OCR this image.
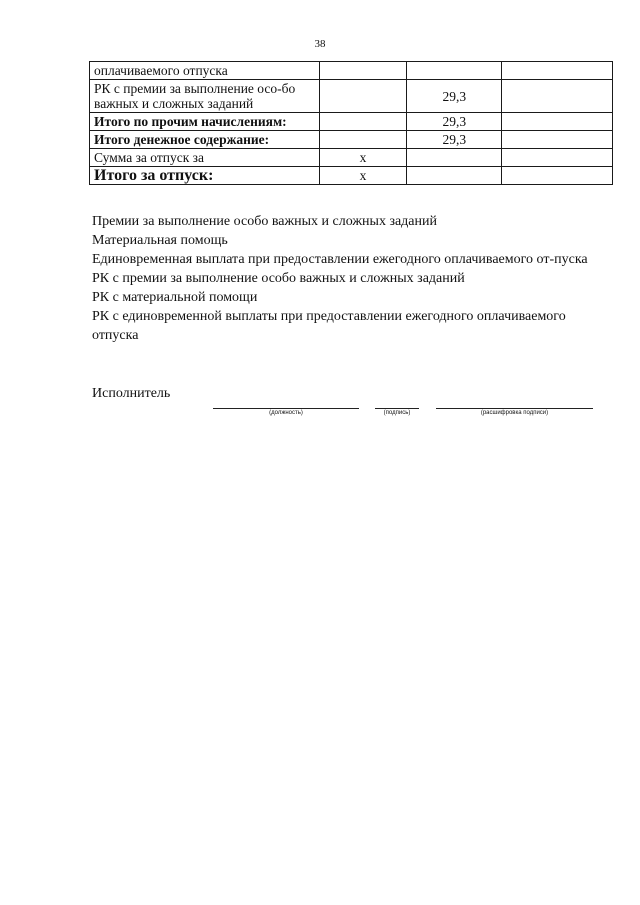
38
оплачиваемого отпуска			
РК с премии за выполнение осо-бо важных и сложных заданий		29,3	
Итого по прочим начислениям:		29,3	
Итого денежное содержание:		29,3	
Сумма за отпуск за	х		
Итого за отпуск:	х		

Премии за выполнение особо важных и сложных заданий

Материальная помощь

Единовременная выплата при предоставлении ежегодного оплачиваемого от-пуска

РК с премии за выполнение особо важных и сложных заданий

РК с материальной помощи

РК с единовременной выплаты при предоставлении ежегодного оплачиваемого отпуска

Исполнитель
(должность)	(подпись)	(расшифровка подписи)
